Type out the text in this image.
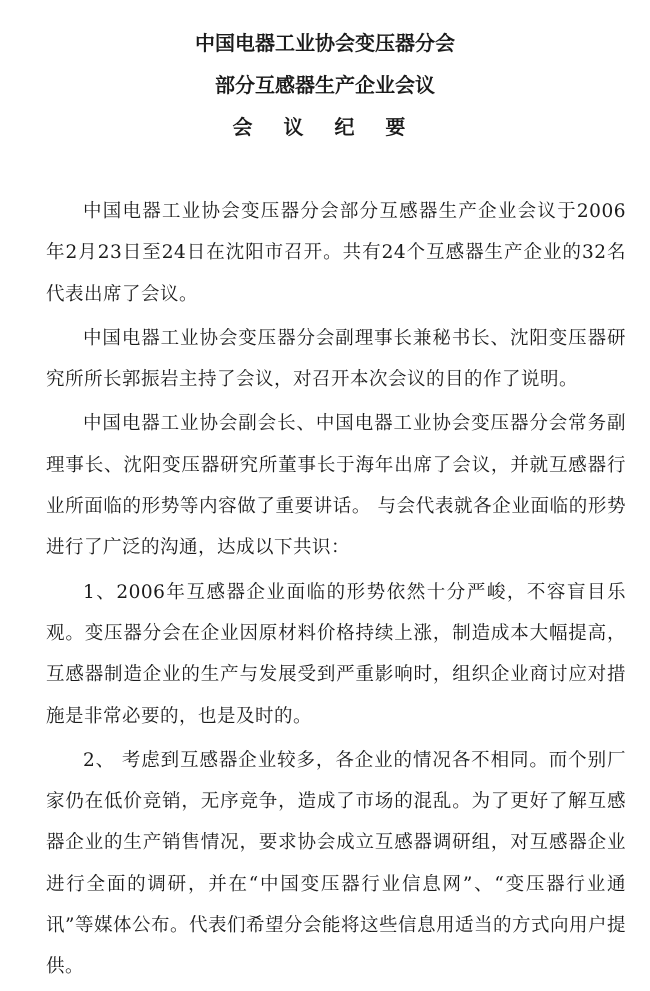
中国电器工业协会变压器分会
部分互感器生产企业会议
会 议 纪 要

中国电器工业协会变压器分会部分互感器生产企业会议于2006年2月23日至24日在沈阳市召开。共有24个互感器生产企业的32名代表出席了会议。

中国电器工业协会变压器分会副理事长兼秘书长、沈阳变压器研究所所长郭振岩主持了会议，对召开本次会议的目的作了说明。

中国电器工业协会副会长、中国电器工业协会变压器分会常务副理事长、沈阳变压器研究所董事长于海年出席了会议，并就互感器行业所面临的形势等内容做了重要讲话。 与会代表就各企业面临的形势进行了广泛的沟通，达成以下共识：

1、2006年互感器企业面临的形势依然十分严峻，不容盲目乐观。变压器分会在企业因原材料价格持续上涨，制造成本大幅提高，互感器制造企业的生产与发展受到严重影响时，组织企业商讨应对措施是非常必要的，也是及时的。

2、 考虑到互感器企业较多，各企业的情况各不相同。而个别厂家仍在低价竞销，无序竞争，造成了市场的混乱。为了更好了解互感器企业的生产销售情况，要求协会成立互感器调研组，对互感器企业进行全面的调研，并在“中国变压器行业信息网”、“变压器行业通讯”等媒体公布。代表们希望分会能将这些信息用适当的方式向用户提供。
